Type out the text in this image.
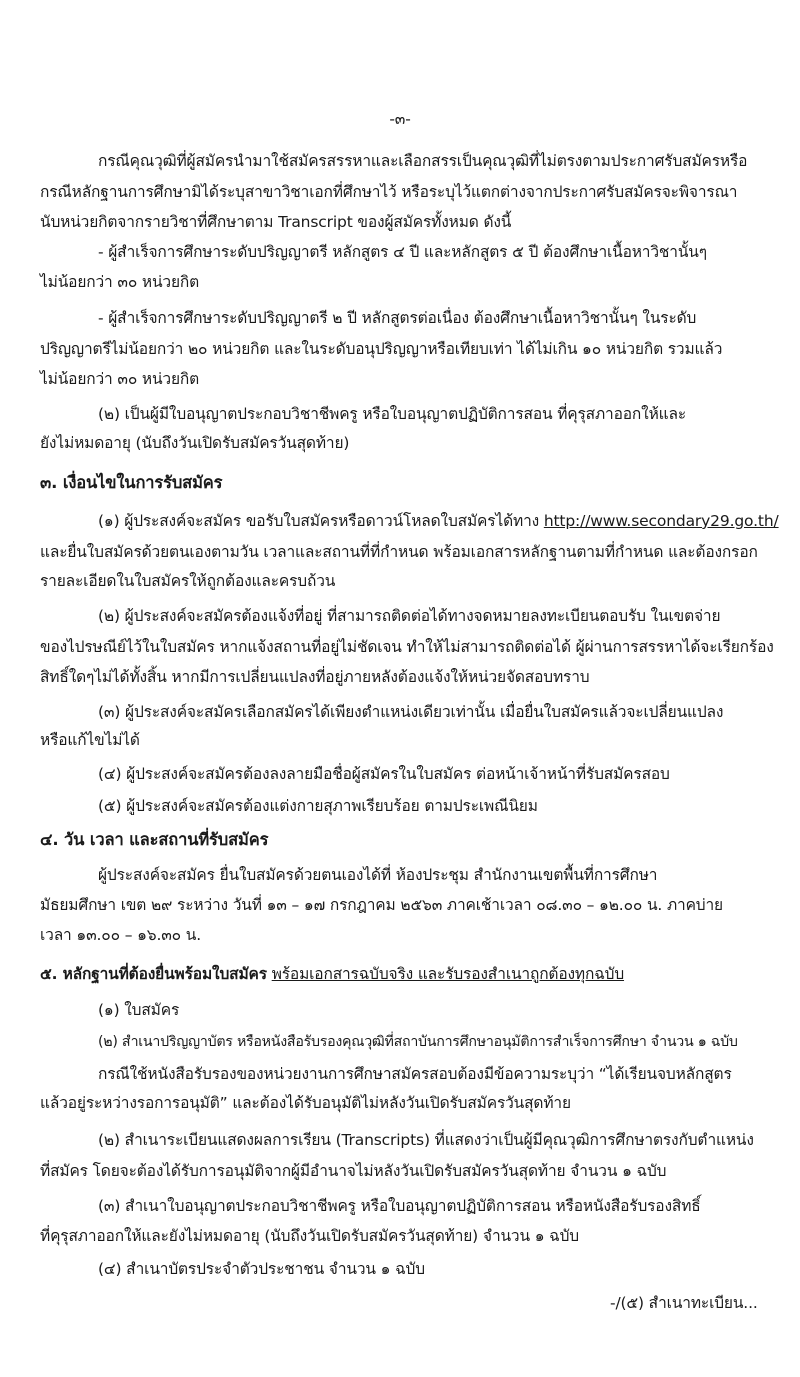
-๓-

กรณีคุณวุฒิที่ผู้สมัครนำมาใช้สมัครสรรหาและเลือกสรรเป็นคุณวุฒิที่ไม่ตรงตามประกาศรับสมัครหรือ

กรณีหลักฐานการศึกษามิได้ระบุสาขาวิชาเอกที่ศึกษาไว้ หรือระบุไว้แตกต่างจากประกาศรับสมัครจะพิจารณา

นับหน่วยกิตจากรายวิชาที่ศึกษาตาม Transcript ของผู้สมัครทั้งหมด ดังนี้

- ผู้สำเร็จการศึกษาระดับปริญญาตรี หลักสูตร ๔ ปี และหลักสูตร ๕ ปี ต้องศึกษาเนื้อหาวิชานั้นๆ

ไม่น้อยกว่า ๓๐ หน่วยกิต

- ผู้สำเร็จการศึกษาระดับปริญญาตรี ๒ ปี หลักสูตรต่อเนื่อง ต้องศึกษาเนื้อหาวิชานั้นๆ ในระดับ

ปริญญาตรีไม่น้อยกว่า ๒๐ หน่วยกิต และในระดับอนุปริญญาหรือเทียบเท่า ได้ไม่เกิน ๑๐ หน่วยกิต รวมแล้ว

ไม่น้อยกว่า ๓๐ หน่วยกิต

(๒) เป็นผู้มีใบอนุญาตประกอบวิชาชีพครู หรือใบอนุญาตปฏิบัติการสอน ที่คุรุสภาออกให้และ

ยังไม่หมดอายุ (นับถึงวันเปิดรับสมัครวันสุดท้าย)

๓. เงื่อนไขในการรับสมัคร

(๑) ผู้ประสงค์จะสมัคร ขอรับใบสมัครหรือดาวน์โหลดใบสมัครได้ทาง http://www.secondary29.go.th/

และยื่นใบสมัครด้วยตนเองตามวัน เวลาและสถานที่ที่กำหนด พร้อมเอกสารหลักฐานตามที่กำหนด และต้องกรอก

รายละเอียดในใบสมัครให้ถูกต้องและครบถ้วน

(๒) ผู้ประสงค์จะสมัครต้องแจ้งที่อยู่ ที่สามารถติดต่อได้ทางจดหมายลงทะเบียนตอบรับ ในเขตจ่าย

ของไปรษณีย์ไว้ในใบสมัคร หากแจ้งสถานที่อยู่ไม่ชัดเจน ทำให้ไม่สามารถติดต่อได้ ผู้ผ่านการสรรหาได้จะเรียกร้อง

สิทธิ์ใดๆไม่ได้ทั้งสิ้น หากมีการเปลี่ยนแปลงที่อยู่ภายหลังต้องแจ้งให้หน่วยจัดสอบทราบ

(๓) ผู้ประสงค์จะสมัครเลือกสมัครได้เพียงตำแหน่งเดียวเท่านั้น เมื่อยื่นใบสมัครแล้วจะเปลี่ยนแปลง

หรือแก้ไขไม่ได้

(๔) ผู้ประสงค์จะสมัครต้องลงลายมือชื่อผู้สมัครในใบสมัคร ต่อหน้าเจ้าหน้าที่รับสมัครสอบ

(๕) ผู้ประสงค์จะสมัครต้องแต่งกายสุภาพเรียบร้อย ตามประเพณีนิยม

๔. วัน เวลา และสถานที่รับสมัคร

ผู้ประสงค์จะสมัคร ยื่นใบสมัครด้วยตนเองได้ที่ ห้องประชุม สำนักงานเขตพื้นที่การศึกษา

มัธยมศึกษา เขต ๒๙ ระหว่าง วันที่ ๑๓ – ๑๗ กรกฎาคม ๒๕๖๓ ภาคเช้าเวลา ๐๘.๓๐ – ๑๒.๐๐ น. ภาคบ่าย

เวลา ๑๓.๐๐ – ๑๖.๓๐ น.

๕. หลักฐานที่ต้องยื่นพร้อมใบสมัคร พร้อมเอกสารฉบับจริง และรับรองสำเนาถูกต้องทุกฉบับ

(๑) ใบสมัคร

(๒) สำเนาปริญญาบัตร หรือหนังสือรับรองคุณวุฒิที่สถาบันการศึกษาอนุมัติการสำเร็จการศึกษา จำนวน ๑ ฉบับ

กรณีใช้หนังสือรับรองของหน่วยงานการศึกษาสมัครสอบต้องมีข้อความระบุว่า “ได้เรียนจบหลักสูตร

แล้วอยู่ระหว่างรอการอนุมัติ” และต้องได้รับอนุมัติไม่หลังวันเปิดรับสมัครวันสุดท้าย

(๒) สำเนาระเบียนแสดงผลการเรียน (Transcripts) ที่แสดงว่าเป็นผู้มีคุณวุฒิการศึกษาตรงกับตำแหน่ง

ที่สมัคร โดยจะต้องได้รับการอนุมัติจากผู้มีอำนาจไม่หลังวันเปิดรับสมัครวันสุดท้าย จำนวน ๑ ฉบับ

(๓) สำเนาใบอนุญาตประกอบวิชาชีพครู หรือใบอนุญาตปฏิบัติการสอน หรือหนังสือรับรองสิทธิ์

ที่คุรุสภาออกให้และยังไม่หมดอายุ (นับถึงวันเปิดรับสมัครวันสุดท้าย) จำนวน ๑ ฉบับ

(๔) สำเนาบัตรประจำตัวประชาชน จำนวน ๑ ฉบับ

-/(๕) สำเนาทะเบียน...
